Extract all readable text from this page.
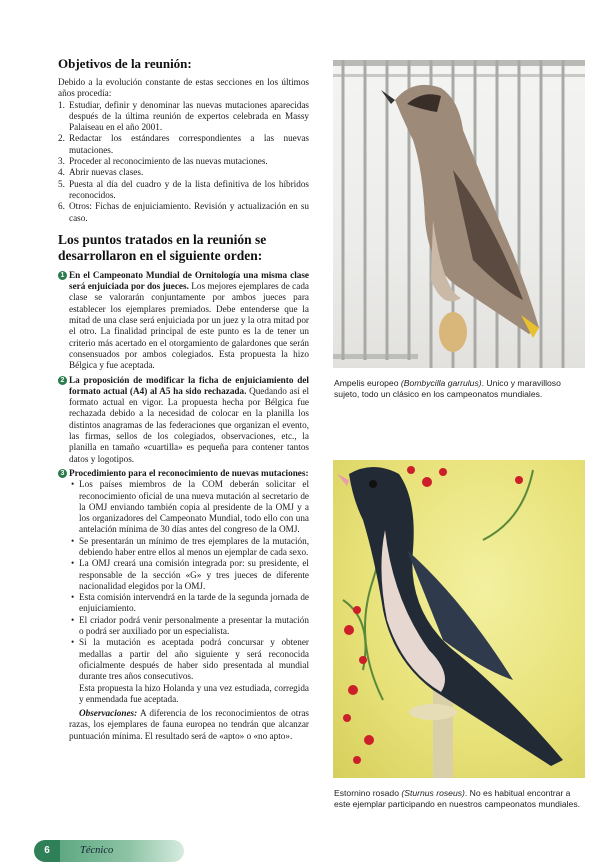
Objetivos de la reunión:

Debido a la evolución constante de estas secciones en los últimos años procedía:

1. Estudiar, definir y denominar las nuevas mutaciones aparecidas después de la última reunión de expertos celebrada en Massy Palaiseau en el año 2001.
2. Redactar los estándares correspondientes a las nuevas mutaciones.
3. Proceder al reconocimiento de las nuevas mutaciones.
4. Abrir nuevas clases.
5. Puesta al día del cuadro y de la lista definitiva de los híbridos reconocidos.
6. Otros: Fichas de enjuiciamiento. Revisión y actualización en su caso.
Los puntos tratados en la reunión se desarrollaron en el siguiente orden:
1 En el Campeonato Mundial de Ornitología una misma clase será enjuiciada por dos jueces. Los mejores ejemplares de cada clase se valorarán conjuntamente por ambos jueces para establecer los ejemplares premiados. Debe entenderse que la mitad de una clase será enjuiciada por un juez y la otra mitad por el otro. La finalidad principal de este punto es la de tener un criterio más acertado en el otorgamiento de galardones que serán consensuados por ambos colegiados. Esta propuesta la hizo Bélgica y fue aceptada.
2 La proposición de modificar la ficha de enjuiciamiento del formato actual (A4) al A5 ha sido rechazada. Quedando así el formato actual en vigor. La propuesta hecha por Bélgica fue rechazada debido a la necesidad de colocar en la planilla los distintos anagramas de las federaciones que organizan el evento, las firmas, sellos de los colegiados, observaciones, etc., la planilla en tamaño «cuartilla» es pequeña para contener tantos datos y logotipos.
3 Procedimiento para el reconocimiento de nuevas mutaciones:
• Los países miembros de la COM deberán solicitar el reconocimiento oficial de una nueva mutación al secretario de la OMJ enviando también copia al presidente de la OMJ y a los organizadores del Campeonato Mundial, todo ello con una antelación mínima de 30 días antes del congreso de la OMJ.
• Se presentarán un mínimo de tres ejemplares de la mutación, debiendo haber entre ellos al menos un ejemplar de cada sexo.
• La OMJ creará una comisión integrada por: su presidente, el responsable de la sección «G» y tres jueces de diferente nacionalidad elegidos por la OMJ.
• Esta comisión intervendrá en la tarde de la segunda jornada de enjuiciamiento.
• El criador podrá venir personalmente a presentar la mutación o podrá ser auxiliado por un especialista.
• Si la mutación es aceptada podrá concursar y obtener medallas a partir del año siguiente y será reconocida oficialmente después de haber sido presentada al mundial durante tres años consecutivos.

Esta propuesta la hizo Holanda y una vez estudiada, corregida y enmendada fue aceptada.

Observaciones: A diferencia de los reconocimientos de otras razas, los ejemplares de fauna europea no tendrán que alcanzar puntuación mínima. El resultado será de «apto» o «no apto».

Ampelis europeo (Bombycilla garrulus). Unico y maravilloso sujeto, todo un clásico en los campeonatos mundiales.
Estornino rosado (Sturnus roseus). No es habitual encontrar a este ejemplar participando en nuestros campeonatos mundiales.
6	Técnico
